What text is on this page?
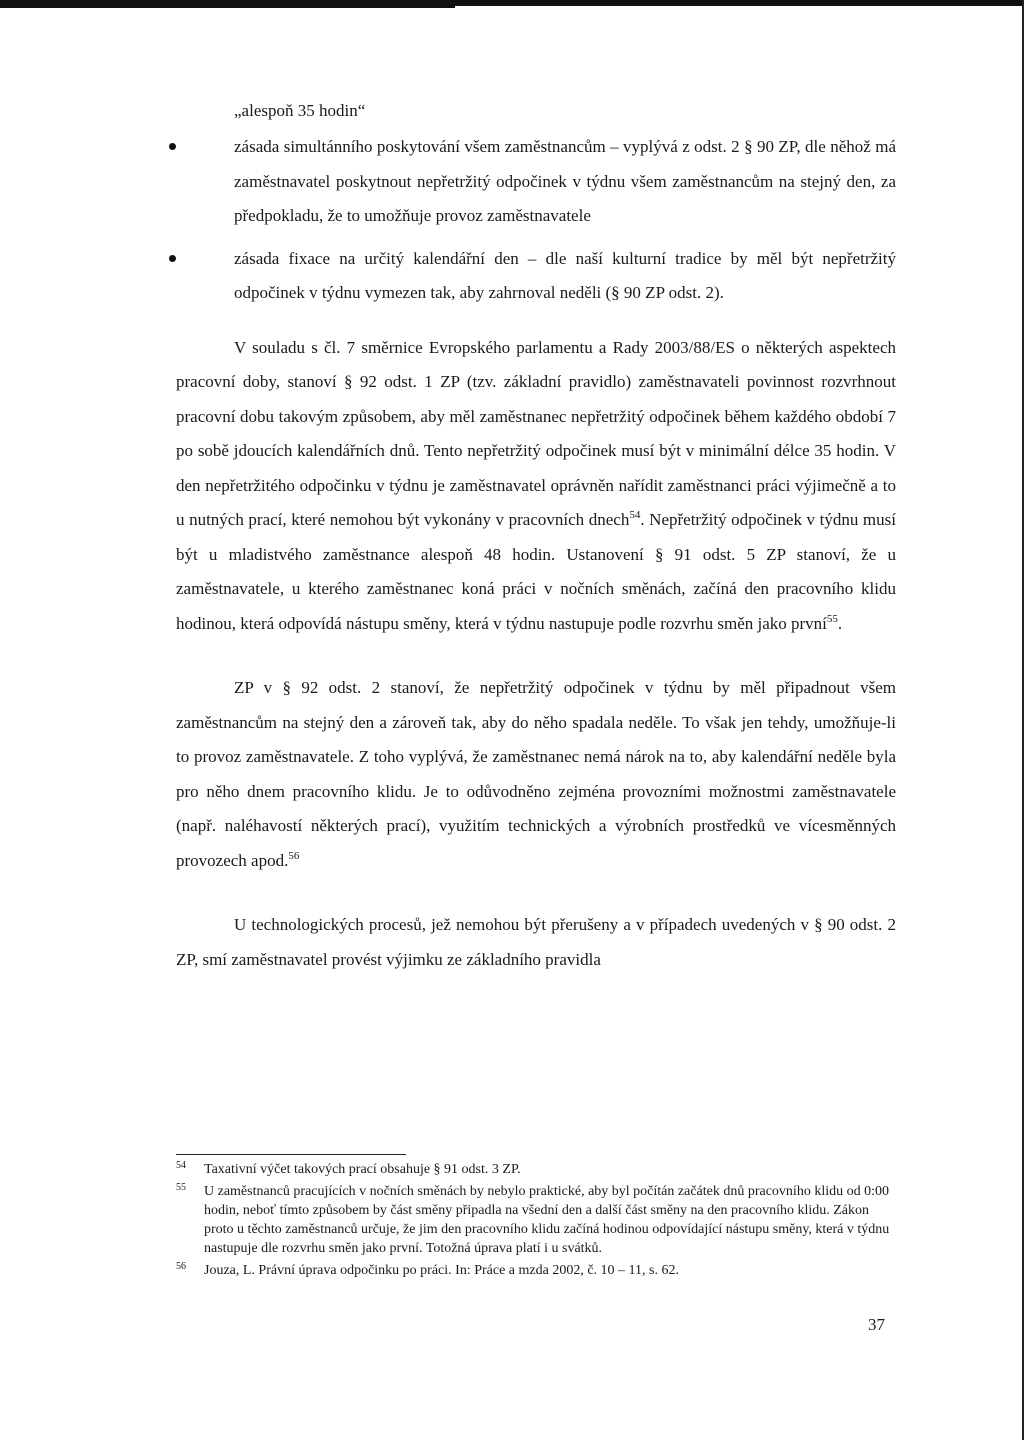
„alespoň 35 hodin“

zásada simultánního poskytování všem zaměstnancům – vyplývá z odst. 2 § 90 ZP, dle něhož má zaměstnavatel poskytnout nepřetržitý odpočinek v týdnu všem zaměstnancům na stejný den, za předpokladu, že to umožňuje provoz zaměstnavatele
zásada fixace na určitý kalendářní den – dle naší kulturní tradice by měl být nepřetržitý odpočinek v týdnu vymezen tak, aby zahrnoval neděli (§ 90 ZP odst. 2).

V souladu s čl. 7 směrnice Evropského parlamentu a Rady 2003/88/ES o některých aspektech pracovní doby, stanoví § 92 odst. 1 ZP (tzv. základní pravidlo) zaměstnavateli povinnost rozvrhnout pracovní dobu takovým způsobem, aby měl zaměstnanec nepřetržitý odpočinek během každého období 7 po sobě jdoucích kalendářních dnů. Tento nepřetržitý odpočinek musí být v minimální délce 35 hodin. V den nepřetržitého odpočinku v týdnu je zaměstnavatel oprávněn nařídit zaměstnanci práci výjimečně a to u nutných prací, které nemohou být vykonány v pracovních dnech$^{54}$. Nepřetržitý odpočinek v týdnu musí být u mladistvého zaměstnance alespoň 48 hodin. Ustanovení § 91 odst. 5 ZP stanoví, že u zaměstnavatele, u kterého zaměstnanec koná práci v nočních směnách, začíná den pracovního klidu hodinou, která odpovídá nástupu směny, která v týdnu nastupuje podle rozvrhu směn jako první$^{55}$.

ZP v § 92 odst. 2 stanoví, že nepřetržitý odpočinek v týdnu by měl připadnout všem zaměstnancům na stejný den a zároveň tak, aby do něho spadala neděle. To však jen tehdy, umožňuje-li to provoz zaměstnavatele. Z toho vyplývá, že zaměstnanec nemá nárok na to, aby kalendářní neděle byla pro něho dnem pracovního klidu. Je to odůvodněno zejména provozními možnostmi zaměstnavatele (např. naléhavostí některých prací), využitím technických a výrobních prostředků ve vícesměnných provozech apod.$^{56}$

U technologických procesů, jež nemohou být přerušeny a v případech uvedených v § 90 odst. 2 ZP, smí zaměstnavatel provést výjimku ze základního pravidla

54 Taxativní výčet takových prací obsahuje § 91 odst. 3 ZP.
55 U zaměstnanců pracujících v nočních směnách by nebylo praktické, aby byl počítán začátek dnů pracovního klidu od 0:00 hodin, neboť tímto způsobem by část směny připadla na všední den a další část směny na den pracovního klidu. Zákon proto u těchto zaměstnanců určuje, že jim den pracovního klidu začíná hodinou odpovídající nástupu směny, která v týdnu nastupuje dle rozvrhu směn jako první. Totožná úprava platí i u svátků.
56 Jouza, L. Právní úprava odpočinku po práci. In: Práce a mzda 2002, č. 10 – 11, s. 62.
37
